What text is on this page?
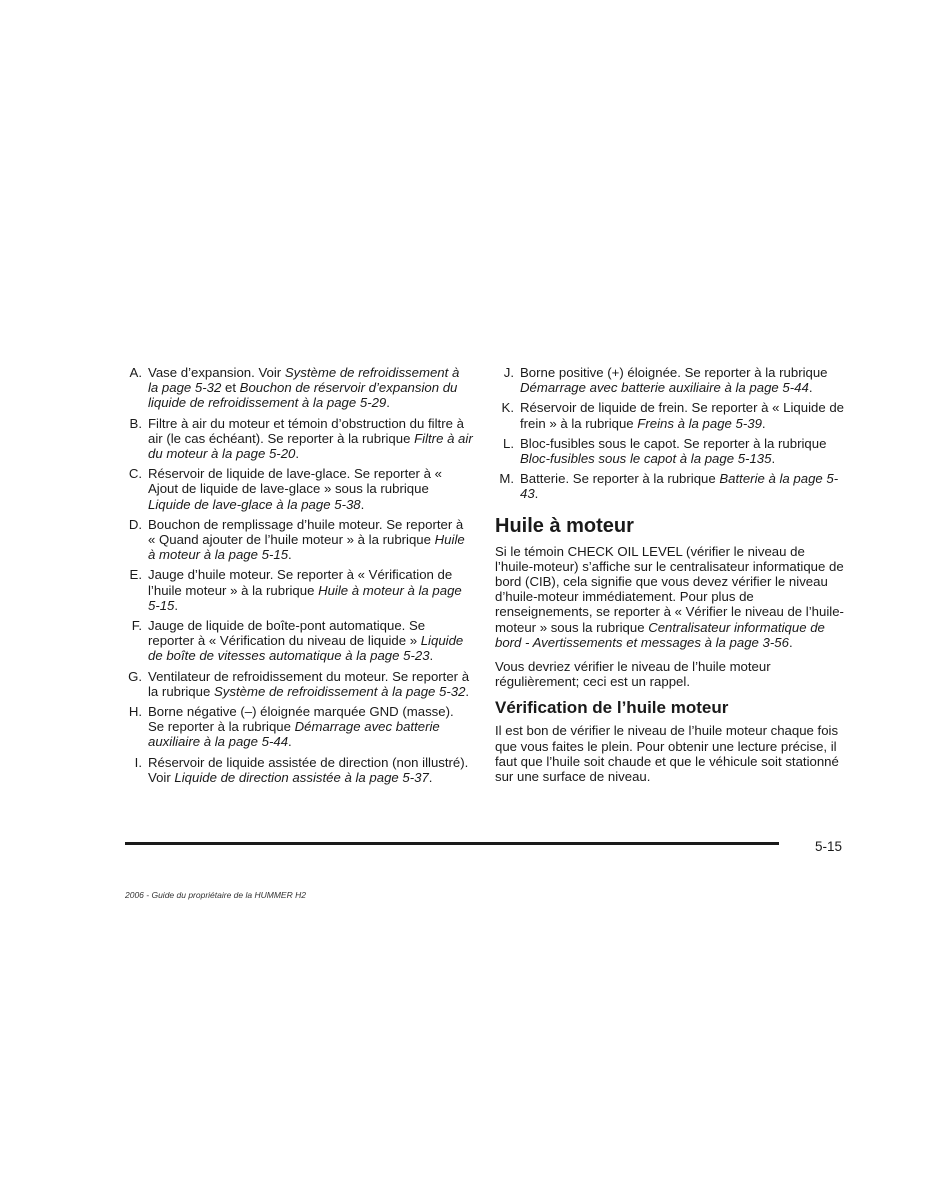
A. Vase d’expansion. Voir Système de refroidissement à la page 5-32 et Bouchon de réservoir d’expansion du liquide de refroidissement à la page 5-29.
B. Filtre à air du moteur et témoin d’obstruction du filtre à air (le cas échéant). Se reporter à la rubrique Filtre à air du moteur à la page 5-20.
C. Réservoir de liquide de lave-glace. Se reporter à « Ajout de liquide de lave-glace » sous la rubrique Liquide de lave-glace à la page 5-38.
D. Bouchon de remplissage d’huile moteur. Se reporter à « Quand ajouter de l’huile moteur » à la rubrique Huile à moteur à la page 5-15.
E. Jauge d’huile moteur. Se reporter à « Vérification de l’huile moteur » à la rubrique Huile à moteur à la page 5-15.
F. Jauge de liquide de boîte-pont automatique. Se reporter à « Vérification du niveau de liquide » Liquide de boîte de vitesses automatique à la page 5-23.
G. Ventilateur de refroidissement du moteur. Se reporter à la rubrique Système de refroidissement à la page 5-32.
H. Borne négative (–) éloignée marquée GND (masse). Se reporter à la rubrique Démarrage avec batterie auxiliaire à la page 5-44.
I. Réservoir de liquide assistée de direction (non illustré). Voir Liquide de direction assistée à la page 5-37.
J. Borne positive (+) éloignée. Se reporter à la rubrique Démarrage avec batterie auxiliaire à la page 5-44.
K. Réservoir de liquide de frein. Se reporter à « Liquide de frein » à la rubrique Freins à la page 5-39.
L. Bloc-fusibles sous le capot. Se reporter à la rubrique Bloc-fusibles sous le capot à la page 5-135.
M. Batterie. Se reporter à la rubrique Batterie à la page 5-43.
Huile à moteur

Si le témoin CHECK OIL LEVEL (vérifier le niveau de l’huile-moteur) s’affiche sur le centralisateur informatique de bord (CIB), cela signifie que vous devez vérifier le niveau d’huile-moteur immédiatement. Pour plus de renseignements, se reporter à « Vérifier le niveau de l’huile-moteur » sous la rubrique Centralisateur informatique de bord - Avertissements et messages à la page 3-56.

Vous devriez vérifier le niveau de l’huile moteur régulièrement; ceci est un rappel.

Vérification de l’huile moteur

Il est bon de vérifier le niveau de l’huile moteur chaque fois que vous faites le plein. Pour obtenir une lecture précise, il faut que l’huile soit chaude et que le véhicule soit stationné sur une surface de niveau.

5-15
2006 - Guide du propriétaire de la HUMMER H2
